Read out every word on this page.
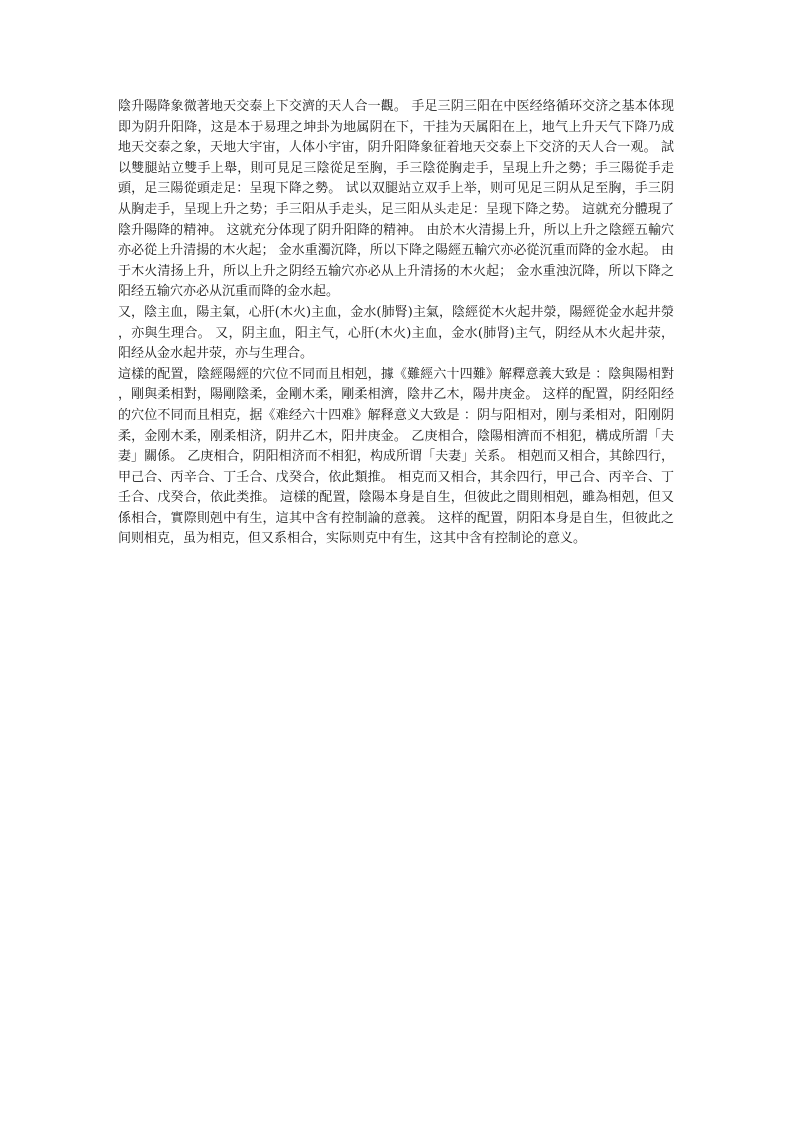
陰升陽降象微著地天交泰上下交濟的天人合一觀。 手足三阴三阳在中医经络循环交济之基本体现即为阴升阳降，这是本于易理之坤卦为地属阴在下，干挂为天属阳在上，地气上升天气下降乃成地天交泰之象，天地大宇宙，人体小宇宙，阴升阳降象征着地天交泰上下交济的天人合一观。 試以雙腿站立雙手上舉，則可見足三陰從足至胸，手三陰從胸走手，呈現上升之勢；手三陽從手走頭，足三陽從頭走足：呈現下降之勢。 试以双腿站立双手上举，则可见足三阴从足至胸，手三阴从胸走手，呈现上升之势；手三阳从手走头，足三阳从头走足：呈现下降之势。 這就充分體現了陰升陽降的精神。 这就充分体现了阴升阳降的精神。 由於木火清揚上升，所以上升之陰經五輸穴亦必從上升清揚的木火起； 金水重濁沉降，所以下降之陽經五輸穴亦必從沉重而降的金水起。 由于木火清扬上升，所以上升之阴经五输穴亦必从上升清扬的木火起； 金水重浊沉降，所以下降之阳经五输穴亦必从沉重而降的金水起。

又，陰主血，陽主氣，心肝(木火)主血，金水(肺腎)主氣，陰經從木火起井滎，陽經從金水起井滎，亦與生理合。 又，阴主血，阳主气，心肝(木火)主血，金水(肺肾)主气，阴经从木火起井荥，阳经从金水起井荥，亦与生理合。

這樣的配置，陰經陽經的穴位不同而且相剋，據《難經六十四難》解釋意義大致是 ：陰與陽相對，剛與柔相對，陽剛陰柔，金剛木柔，剛柔相濟，陰井乙木，陽井庚金。 这样的配置，阴经阳经的穴位不同而且相克，据《难经六十四难》解释意义大致是 ：阴与阳相对，刚与柔相对，阳刚阴柔，金刚木柔，刚柔相济，阴井乙木，阳井庚金。 乙庚相合，陰陽相濟而不相犯，構成所謂「夫妻」關係。 乙庚相合，阴阳相济而不相犯，构成所谓「夫妻」关系。 相剋而又相合，其餘四行，甲己合、丙辛合、丁壬合、戊癸合，依此類推。 相克而又相合，其余四行，甲己合、丙辛合、丁壬合、戊癸合，依此类推。 這樣的配置，陰陽本身是自生，但彼此之間則相剋，雖為相剋，但又係相合，實際則剋中有生，這其中含有控制論的意義。 这样的配置，阴阳本身是自生，但彼此之间则相克，虽为相克，但又系相合，实际则克中有生，这其中含有控制论的意义。
